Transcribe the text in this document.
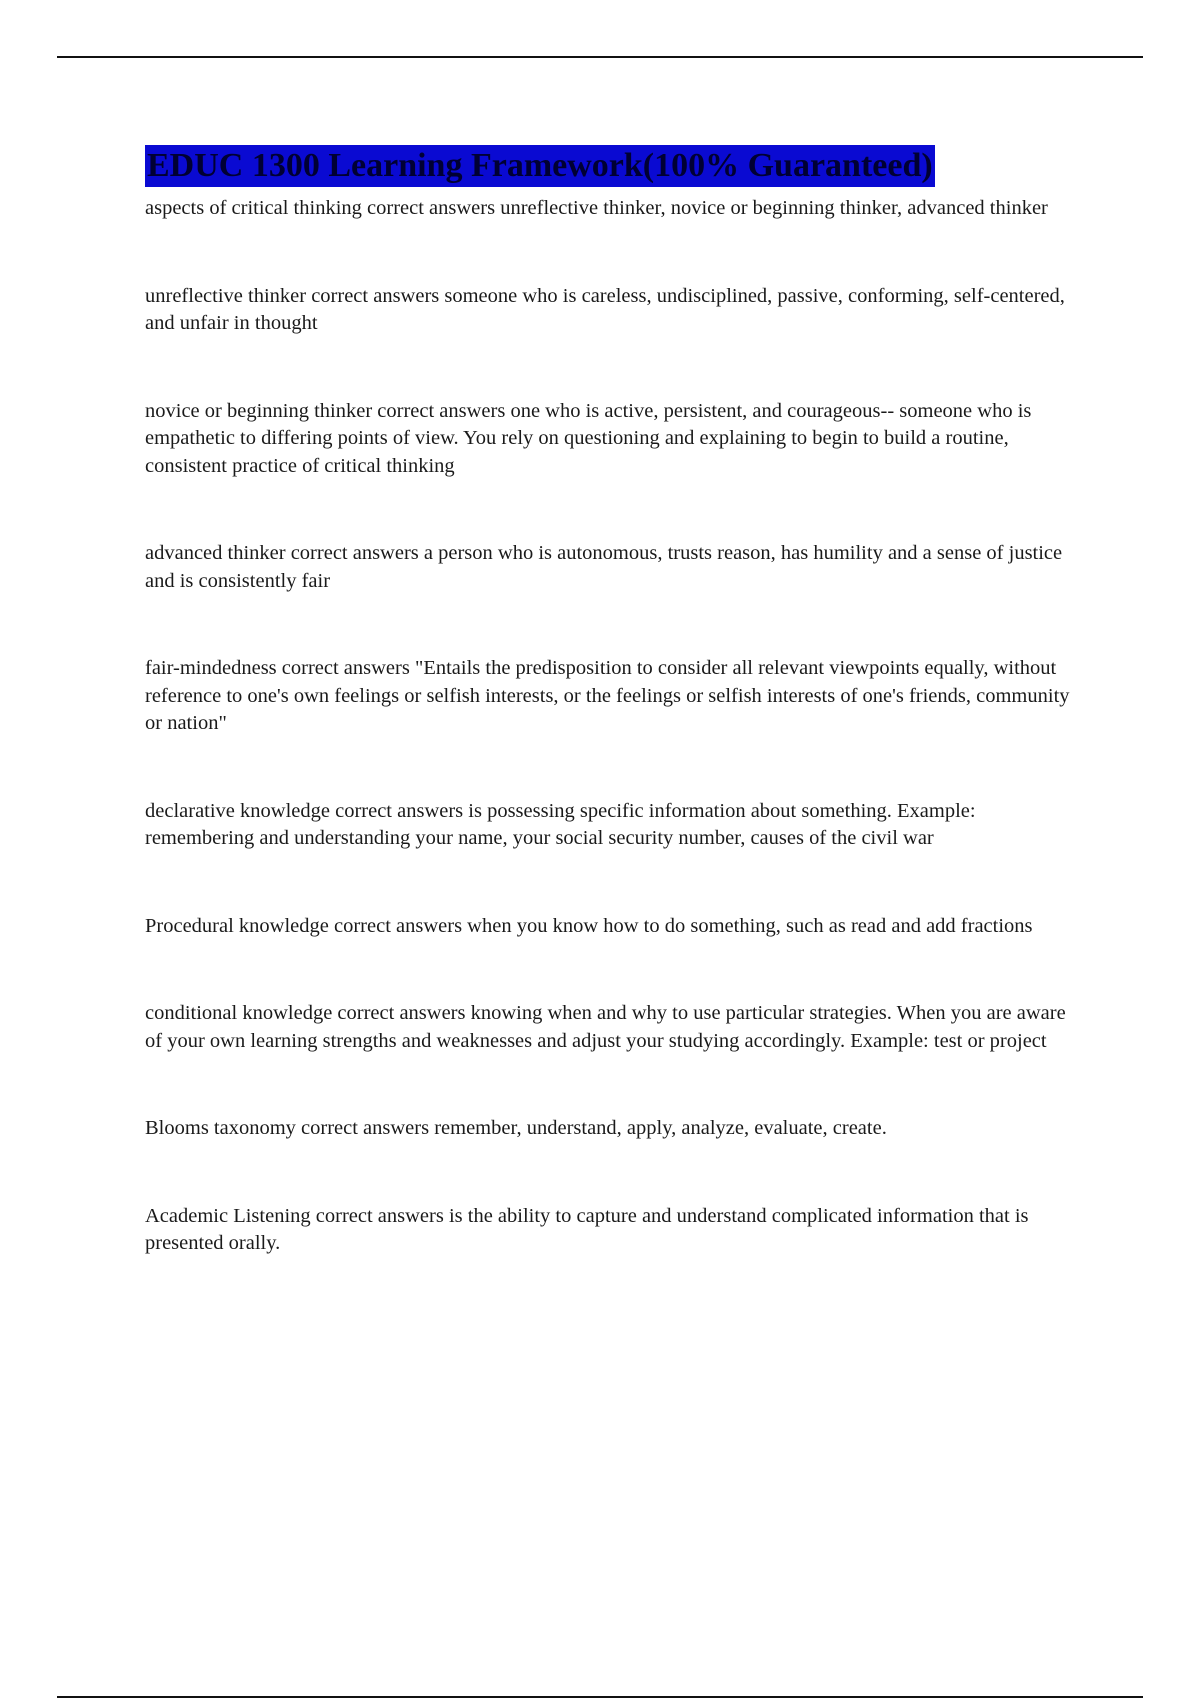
EDUC 1300 Learning Framework(100% Guaranteed)

aspects of critical thinking correct answers unreflective thinker, novice or beginning thinker, advanced thinker

unreflective thinker correct answers someone who is careless, undisciplined, passive, conforming, self-centered, and unfair in thought

novice or beginning thinker correct answers one who is active, persistent, and courageous-- someone who is empathetic to differing points of view. You rely on questioning and explaining to begin to build a routine, consistent practice of critical thinking

advanced thinker correct answers a person who is autonomous, trusts reason, has humility and a sense of justice and is consistently fair

fair-mindedness correct answers "Entails the predisposition to consider all relevant viewpoints equally, without reference to one's own feelings or selfish interests, or the feelings or selfish interests of one's friends, community or nation"

declarative knowledge correct answers is possessing specific information about something. Example: remembering and understanding your name, your social security number, causes of the civil war

Procedural knowledge correct answers when you know how to do something, such as read and add fractions

conditional knowledge correct answers knowing when and why to use particular strategies. When you are aware of your own learning strengths and weaknesses and adjust your studying accordingly. Example: test or project

Blooms taxonomy correct answers remember, understand, apply, analyze, evaluate, create.

Academic Listening correct answers is the ability to capture and understand complicated information that is presented orally.
